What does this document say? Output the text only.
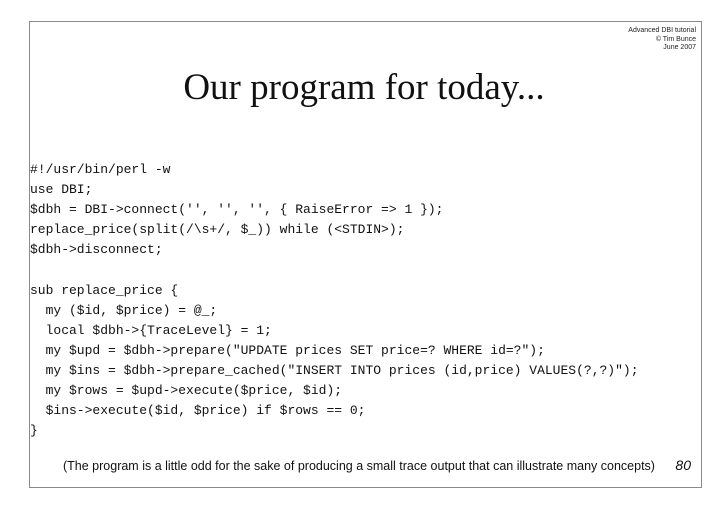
Advanced DBI tutorial
© Tim Bunce
June 2007
Our program for today...
#!/usr/bin/perl -w
use DBI;
$dbh = DBI->connect('', '', '', { RaiseError => 1 });
replace_price(split(/\s+/, $_)) while (<STDIN>);
$dbh->disconnect;
sub replace_price {
my ($id, $price) = @_;
local $dbh->{TraceLevel} = 1;
my $upd = $dbh->prepare("UPDATE prices SET price=? WHERE id=?");
my $ins = $dbh->prepare_cached("INSERT INTO prices (id,price) VALUES(?,?)");
my $rows = $upd->execute($price, $id);
$ins->execute($id, $price) if $rows == 0;
}
(The program is a little odd for the sake of producing a small trace output that can illustrate many concepts) 80
